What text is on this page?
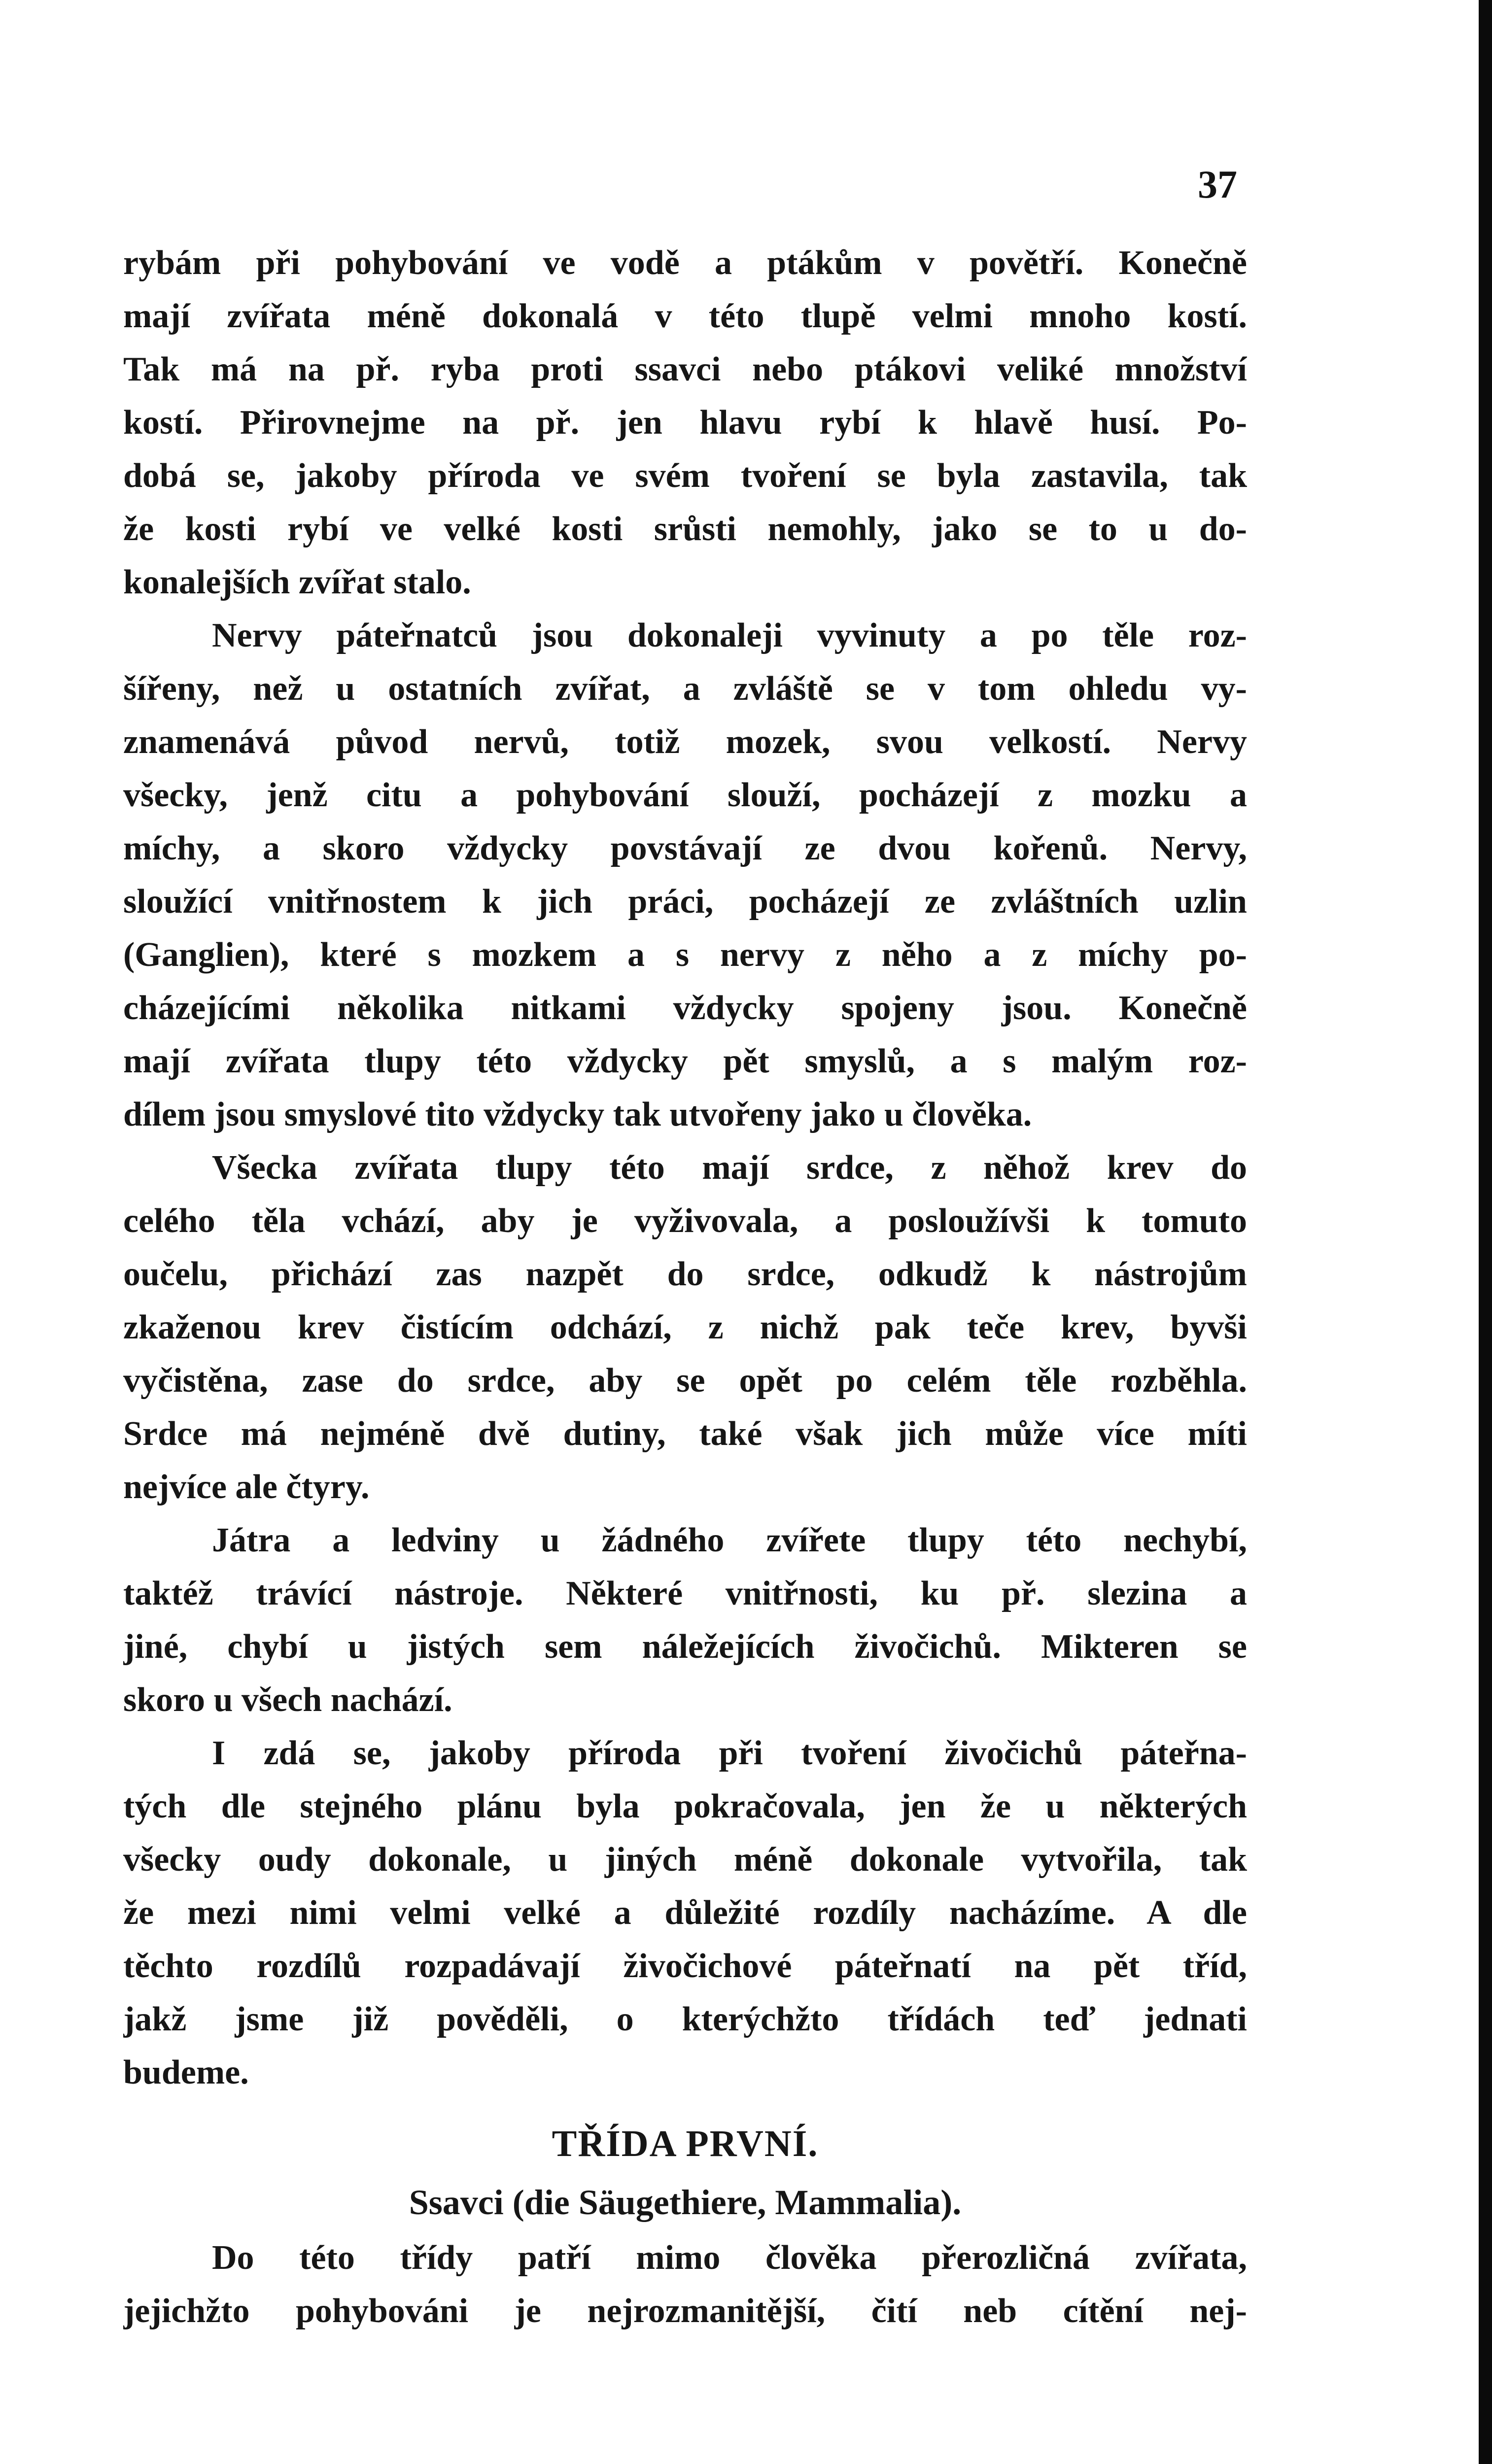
37
rybám při pohybování ve vodě a ptákům v povětří. Konečně
mají zvířata méně dokonalá v této tlupě velmi mnoho kostí.
Tak má na př. ryba proti ssavci nebo ptákovi veliké množství
kostí. Přirovnejme na př. jen hlavu rybí k hlavě husí. Po-
dobá se, jakoby příroda ve svém tvoření se byla zastavila, tak
že kosti rybí ve velké kosti srůsti nemohly, jako se to u do-
konalejších zvířat stalo.
Nervy páteřnatců jsou dokonaleji vyvinuty a po těle roz-
šířeny, než u ostatních zvířat, a zvláště se v tom ohledu vy-
znamenává původ nervů, totiž mozek, svou velkostí. Nervy
všecky, jenž citu a pohybování slouží, pocházejí z mozku a
míchy, a skoro vždycky povstávají ze dvou kořenů. Nervy,
sloužící vnitřnostem k jich práci, pocházejí ze zvláštních uzlin
(Ganglien), které s mozkem a s nervy z něho a z míchy po-
cházejícími několika nitkami vždycky spojeny jsou. Konečně
mají zvířata tlupy této vždycky pět smyslů, a s malým roz-
dílem jsou smyslové tito vždycky tak utvořeny jako u člověka.
Všecka zvířata tlupy této mají srdce, z něhož krev do
celého těla vchází, aby je vyživovala, a posloužívši k tomuto
oučelu, přichází zas nazpět do srdce, odkudž k nástrojům
zkaženou krev čistícím odchází, z nichž pak teče krev, byvši
vyčistěna, zase do srdce, aby se opět po celém těle rozběhla.
Srdce má nejméně dvě dutiny, také však jich může více míti
nejvíce ale čtyry.
Játra a ledviny u žádného zvířete tlupy této nechybí,
taktéž trávící nástroje. Některé vnitřnosti, ku př. slezina a
jiné, chybí u jistých sem náležejících živočichů. Mikteren se
skoro u všech nachází.
I zdá se, jakoby příroda při tvoření živočichů páteřna-
tých dle stejného plánu byla pokračovala, jen že u některých
všecky oudy dokonale, u jiných méně dokonale vytvořila, tak
že mezi nimi velmi velké a důležité rozdíly nacházíme. A dle
těchto rozdílů rozpadávají živočichové páteřnatí na pět tříd,
jakž jsme již pověděli, o kterýchžto třídách teď jednati
budeme.
TŘÍDA PRVNÍ.
Ssavci (die Säugethiere, Mammalia).
Do této třídy patří mimo člověka přerozličná zvířata,
jejichžto pohybováni je nejrozmanitější, čití neb cítění nej-
